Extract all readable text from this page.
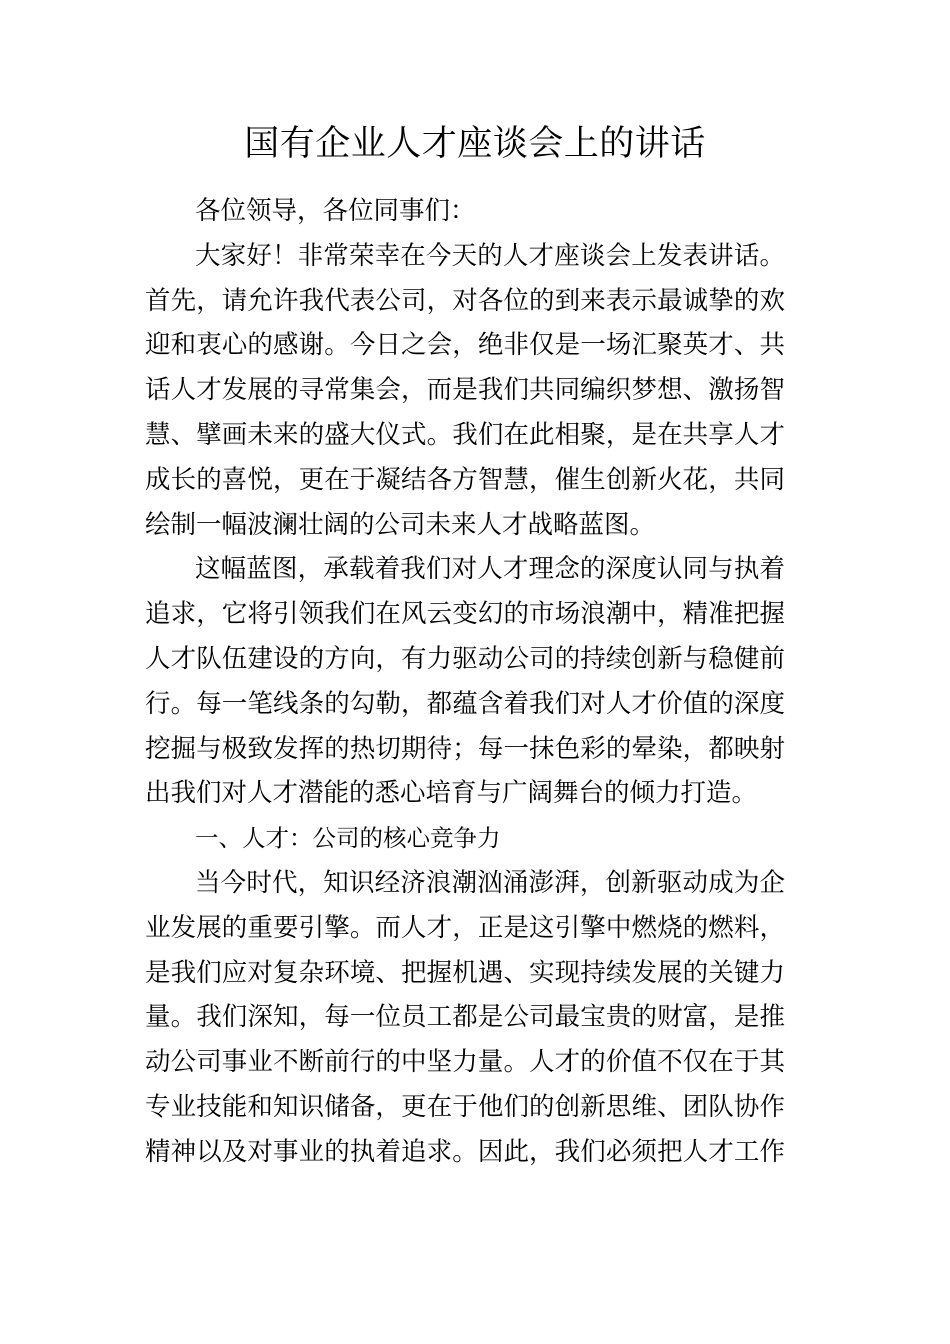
国有企业人才座谈会上的讲话
各位领导，各位同事们：
大家好！非常荣幸在今天的人才座谈会上发表讲话。
首先，请允许我代表公司，对各位的到来表示最诚挚的欢
迎和衷心的感谢。今日之会，绝非仅是一场汇聚英才、共
话人才发展的寻常集会，而是我们共同编织梦想、激扬智
慧、擘画未来的盛大仪式。我们在此相聚，是在共享人才
成长的喜悦，更在于凝结各方智慧，催生创新火花，共同
绘制一幅波澜壮阔的公司未来人才战略蓝图。
这幅蓝图，承载着我们对人才理念的深度认同与执着
追求，它将引领我们在风云变幻的市场浪潮中，精准把握
人才队伍建设的方向，有力驱动公司的持续创新与稳健前
行。每一笔线条的勾勒，都蕴含着我们对人才价值的深度
挖掘与极致发挥的热切期待；每一抹色彩的晕染，都映射
出我们对人才潜能的悉心培育与广阔舞台的倾力打造。
一、人才：公司的核心竞争力
当今时代，知识经济浪潮汹涌澎湃，创新驱动成为企
业发展的重要引擎。而人才，正是这引擎中燃烧的燃料，
是我们应对复杂环境、把握机遇、实现持续发展的关键力
量。我们深知，每一位员工都是公司最宝贵的财富，是推
动公司事业不断前行的中坚力量。人才的价值不仅在于其
专业技能和知识储备，更在于他们的创新思维、团队协作
精神以及对事业的执着追求。因此，我们必须把人才工作
